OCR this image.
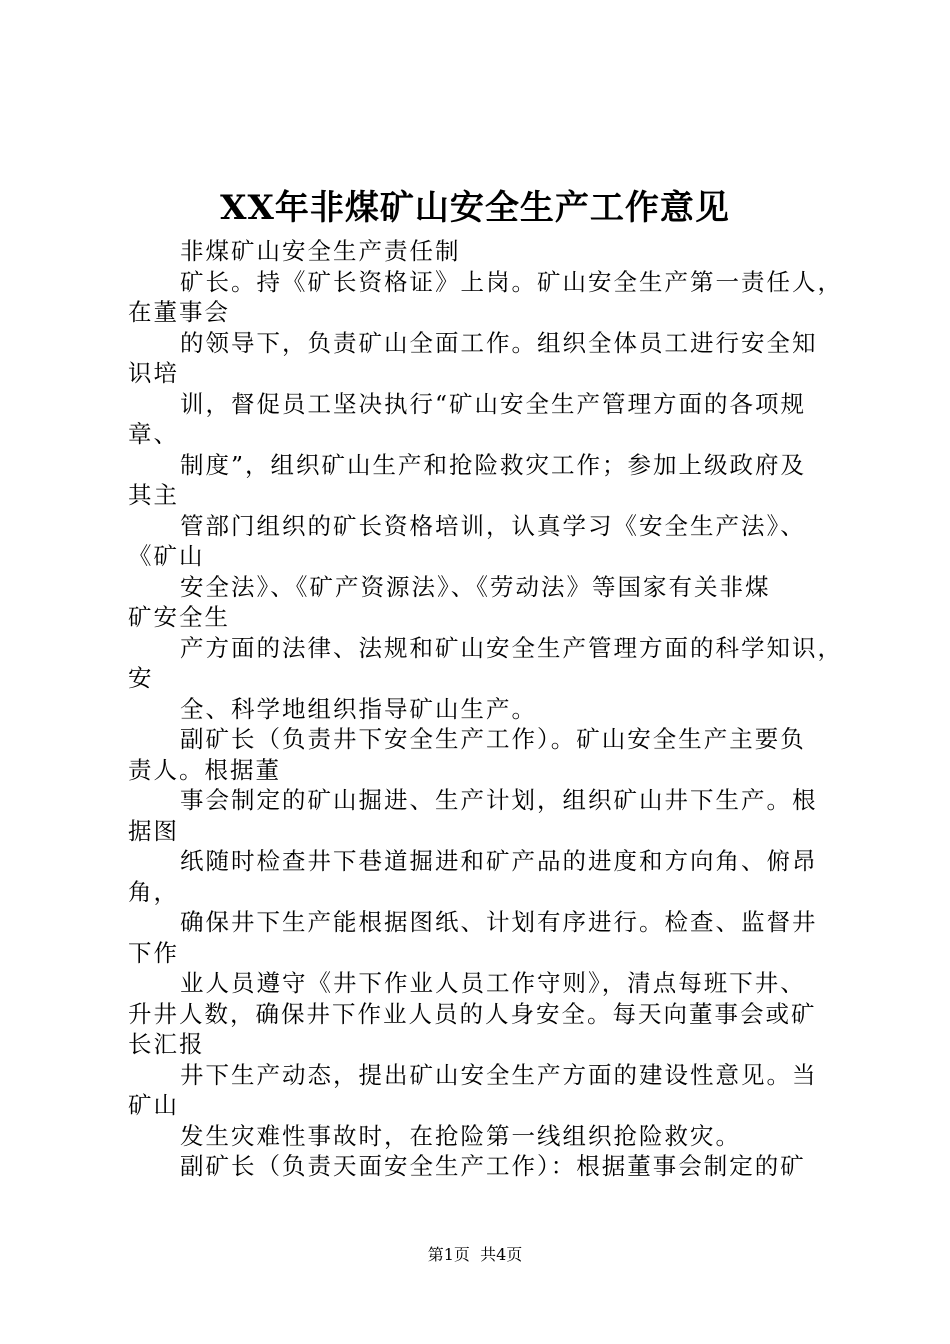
XX年非煤矿山安全生产工作意见
非煤矿山安全生产责任制
矿长。持《矿长资格证》上岗。矿山安全生产第一责任人，
在董事会
的领导下，负责矿山全面工作。组织全体员工进行安全知
识培
训，督促员工坚决执行“矿山安全生产管理方面的各项规
章、
制度”，组织矿山生产和抢险救灾工作；参加上级政府及
其主
管部门组织的矿长资格培训，认真学习《安全生产法》、
《矿山
安全法》、《矿产资源法》、《劳动法》等国家有关非煤
矿安全生
产方面的法律、法规和矿山安全生产管理方面的科学知识，
安
全、科学地组织指导矿山生产。
副矿长（负责井下安全生产工作）。矿山安全生产主要负
责人。根据董
事会制定的矿山掘进、生产计划，组织矿山井下生产。根
据图
纸随时检查井下巷道掘进和矿产品的进度和方向角、俯昂
角，
确保井下生产能根据图纸、计划有序进行。检查、监督井
下作
业人员遵守《井下作业人员工作守则》，清点每班下井、
升井人数，确保井下作业人员的人身安全。每天向董事会或矿
长汇报
井下生产动态，提出矿山安全生产方面的建设性意见。当
矿山
发生灾难性事故时，在抢险第一线组织抢险救灾。
副矿长（负责天面安全生产工作）：根据董事会制定的矿
第1页  共4页
